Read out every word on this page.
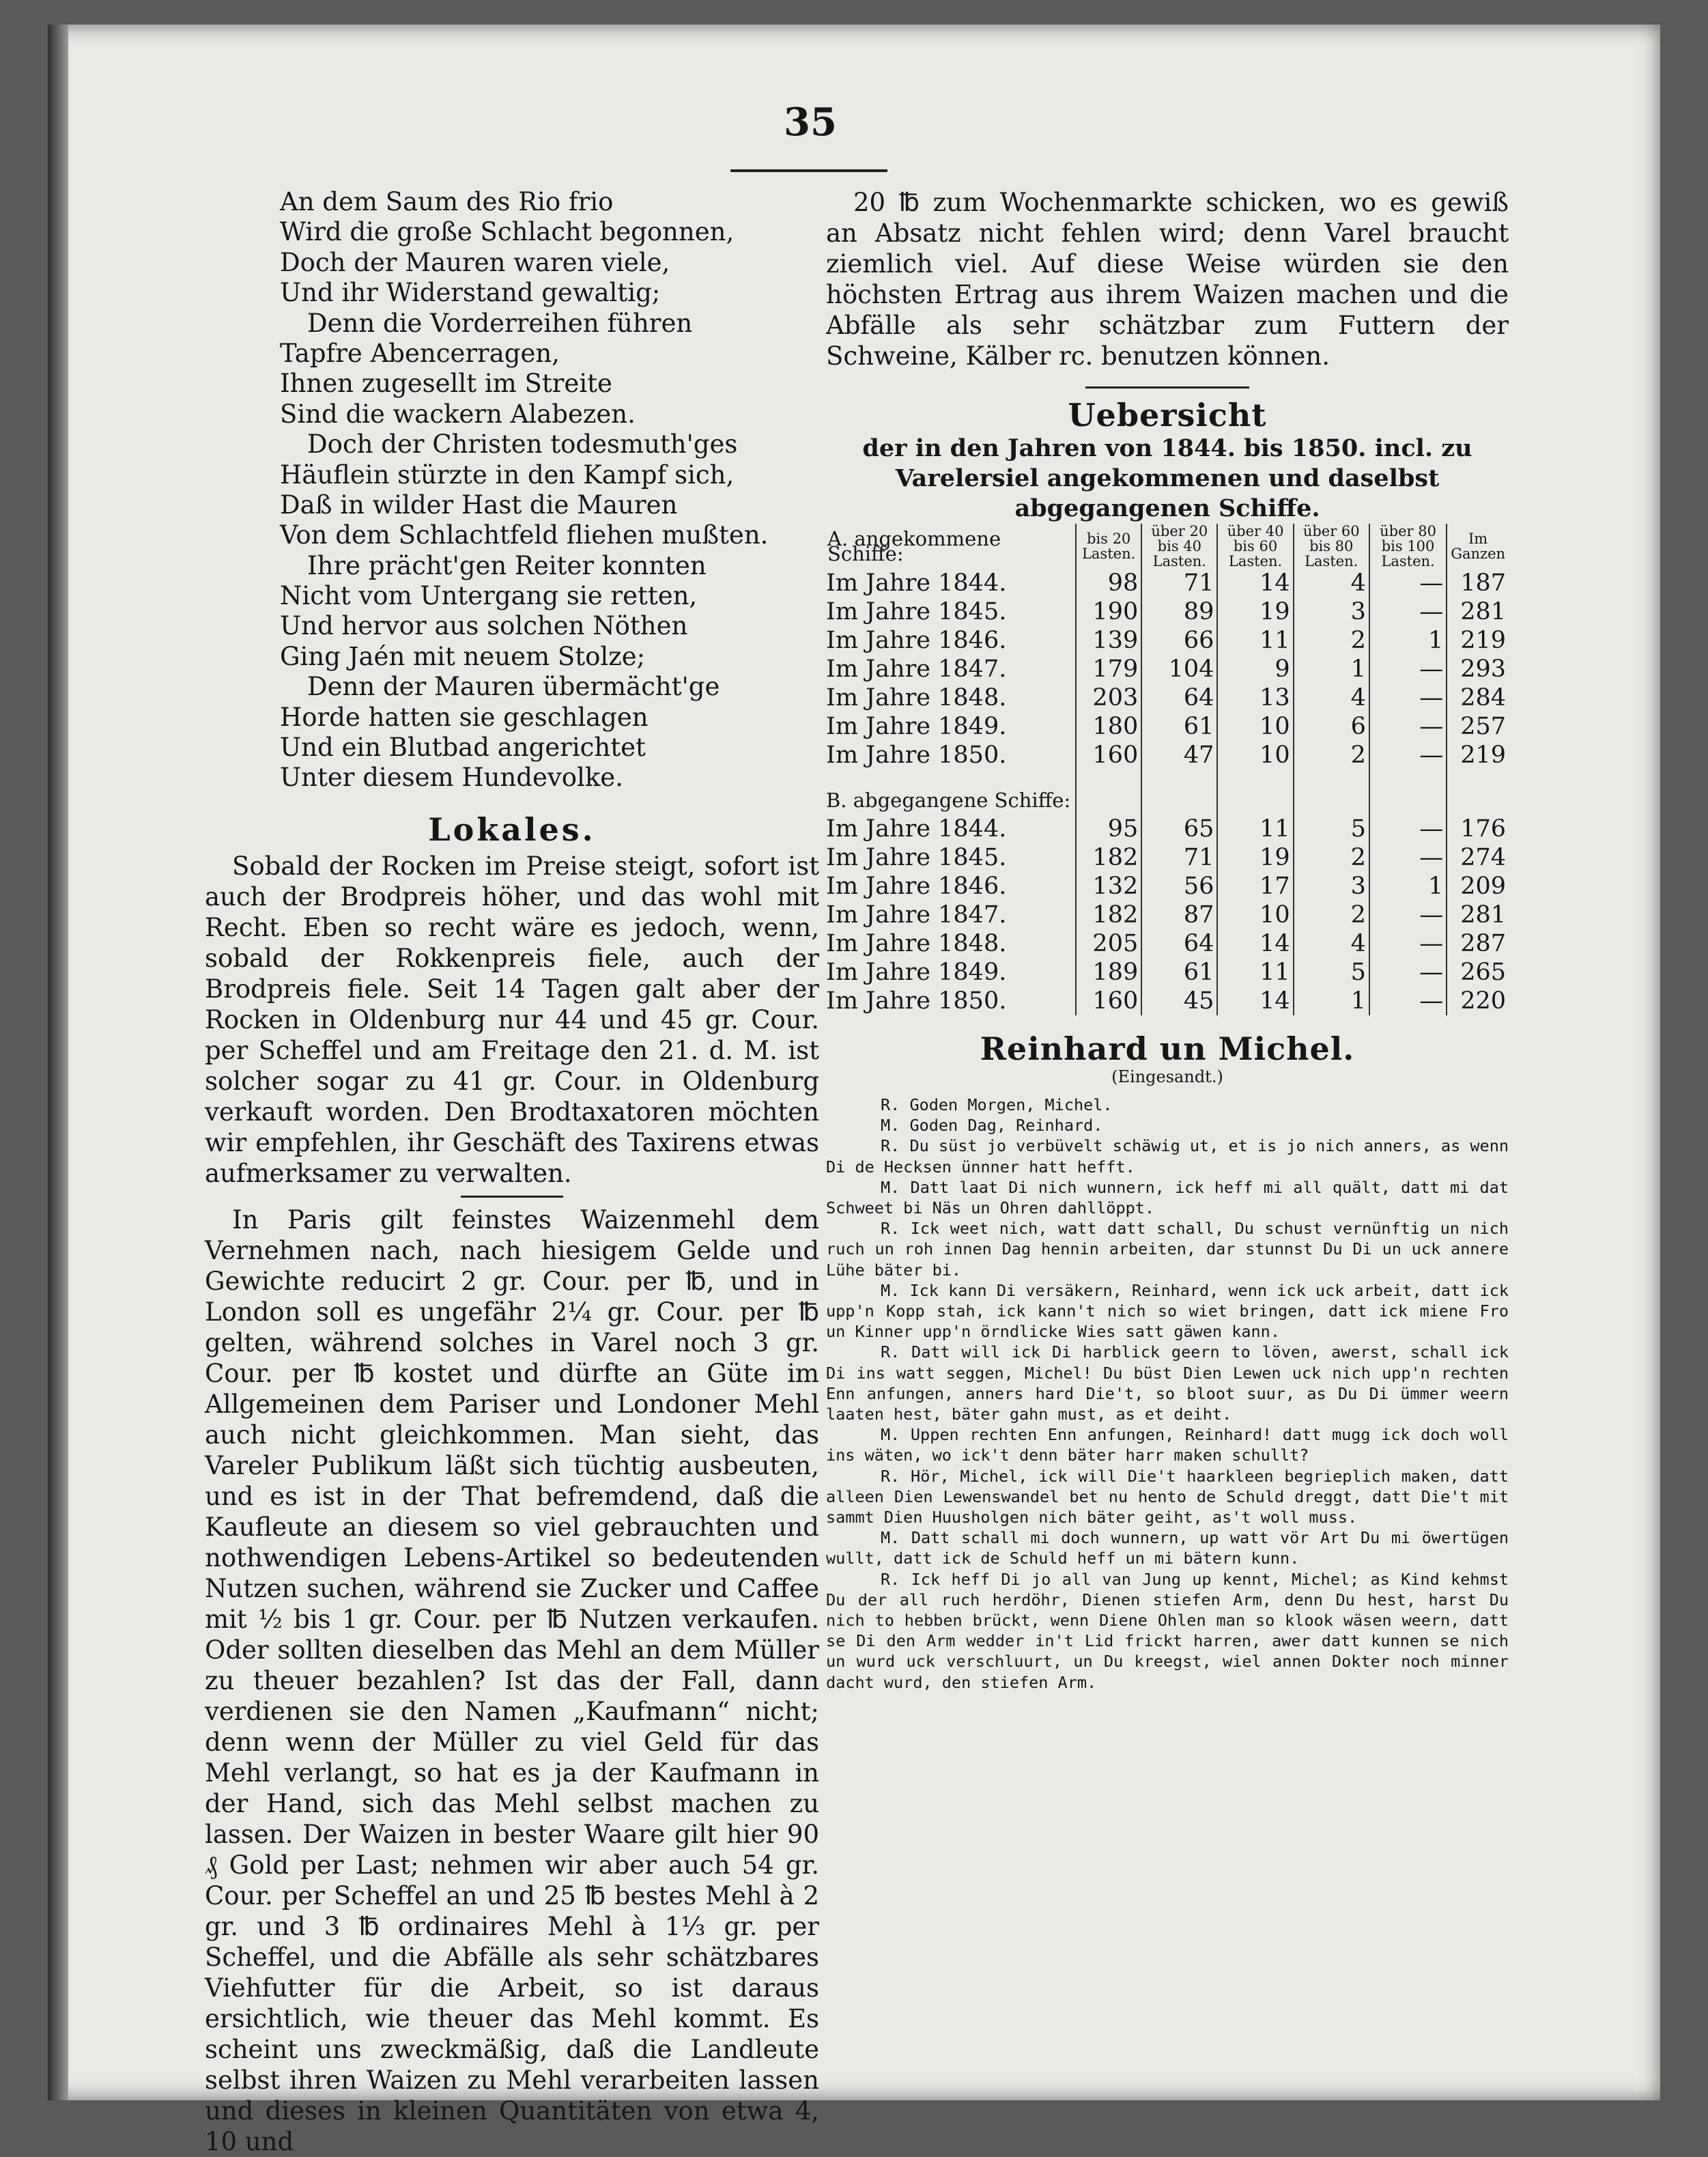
35
An dem Saum des Rio frio
Wird die große Schlacht begonnen,
Doch der Mauren waren viele,
Und ihr Widerstand gewaltig;
Denn die Vorderreihen führen
Tapfre Abencerragen,
Ihnen zugesellt im Streite
Sind die wackern Alabezen.
Doch der Christen todesmuth'ges
Häuflein stürzte in den Kampf sich,
Daß in wilder Hast die Mauren
Von dem Schlachtfeld fliehen mußten.
Ihre prächt'gen Reiter konnten
Nicht vom Untergang sie retten,
Und hervor aus solchen Nöthen
Ging Jaén mit neuem Stolze;
Denn der Mauren übermächt'ge
Horde hatten sie geschlagen
Und ein Blutbad angerichtet
Unter diesem Hundevolke.
Lokales.

Sobald der Rocken im Preise steigt, sofort ist auch der Brodpreis höher, und das wohl mit Recht. Eben so recht wäre es jedoch, wenn, sobald der Rokkenpreis fiele, auch der Brodpreis fiele. Seit 14 Tagen galt aber der Rocken in Oldenburg nur 44 und 45 gr. Cour. per Scheffel und am Freitage den 21. d. M. ist solcher sogar zu 41 gr. Cour. in Oldenburg verkauft worden. Den Brodtaxatoren möchten wir empfehlen, ihr Geschäft des Taxirens etwas aufmerksamer zu verwalten.

In Paris gilt feinstes Waizenmehl dem Vernehmen nach, nach hiesigem Gelde und Gewichte reducirt 2 gr. Cour. per ℔, und in London soll es ungefähr 2¼ gr. Cour. per ℔ gelten, während solches in Varel noch 3 gr. Cour. per ℔ kostet und dürfte an Güte im Allgemeinen dem Pariser und Londoner Mehl auch nicht gleichkommen. Man sieht, das Vareler Publikum läßt sich tüchtig ausbeuten, und es ist in der That befremdend, daß die Kaufleute an diesem so viel gebrauchten und nothwendigen Lebens-Artikel so bedeutenden Nutzen suchen, während sie Zucker und Caffee mit ½ bis 1 gr. Cour. per ℔ Nutzen verkaufen. Oder sollten dieselben das Mehl an dem Müller zu theuer bezahlen? Ist das der Fall, dann verdienen sie den Namen „Kaufmann“ nicht; denn wenn der Müller zu viel Geld für das Mehl verlangt, so hat es ja der Kaufmann in der Hand, sich das Mehl selbst machen zu lassen. Der Waizen in bester Waare gilt hier 90 ₰ Gold per Last; nehmen wir aber auch 54 gr. Cour. per Scheffel an und 25 ℔ bestes Mehl à 2 gr. und 3 ℔ ordinaires Mehl à 1⅓ gr. per Scheffel, und die Abfälle als sehr schätzbares Viehfutter für die Arbeit, so ist daraus ersichtlich, wie theuer das Mehl kommt. Es scheint uns zweckmäßig, daß die Landleute selbst ihren Waizen zu Mehl verarbeiten lassen und dieses in kleinen Quantitäten von etwa 4, 10 und

20 ℔ zum Wochenmarkte schicken, wo es gewiß an Absatz nicht fehlen wird; denn Varel braucht ziemlich viel. Auf diese Weise würden sie den höchsten Ertrag aus ihrem Waizen machen und die Abfälle als sehr schätzbar zum Futtern der Schweine, Kälber rc. benutzen können.

Uebersicht
der in den Jahren von 1844. bis 1850. incl. zu Varelersiel angekommenen und daselbst abgegangenen Schiffe.
A. angekommene Schiffe:	bis 20 Lasten.	über 20 bis 40 Lasten.	über 40 bis 60 Lasten.	über 60 bis 80 Lasten.	über 80 bis 100 Lasten.	Im Ganzen
Im Jahre 1844.	98	71	14	4	—	187
Im Jahre 1845.	190	89	19	3	—	281
Im Jahre 1846.	139	66	11	2	1	219
Im Jahre 1847.	179	104	9	1	—	293
Im Jahre 1848.	203	64	13	4	—	284
Im Jahre 1849.	180	61	10	6	—	257
Im Jahre 1850.	160	47	10	2	—	219
B. abgegangene Schiffe:						
Im Jahre 1844.	95	65	11	5	—	176
Im Jahre 1845.	182	71	19	2	—	274
Im Jahre 1846.	132	56	17	3	1	209
Im Jahre 1847.	182	87	10	2	—	281
Im Jahre 1848.	205	64	14	4	—	287
Im Jahre 1849.	189	61	11	5	—	265
Im Jahre 1850.	160	45	14	1	—	220
Reinhard un Michel.
(Eingesandt.)

R. Goden Morgen, Michel.

M. Goden Dag, Reinhard.

R. Du süst jo verbüvelt schäwig ut, et is jo nich anners, as wenn Di de Hecksen ünnner hatt hefft.

M. Datt laat Di nich wunnern, ick heff mi all quält, datt mi dat Schweet bi Näs un Ohren dahllöppt.

R. Ick weet nich, watt datt schall, Du schust vernünftig un nich ruch un roh innen Dag hennin arbeiten, dar stunnst Du Di un uck annere Lühe bäter bi.

M. Ick kann Di versäkern, Reinhard, wenn ick uck arbeit, datt ick upp'n Kopp stah, ick kann't nich so wiet bringen, datt ick miene Fro un Kinner upp'n örndlicke Wies satt gäwen kann.

R. Datt will ick Di harblick geern to löven, awerst, schall ick Di ins watt seggen, Michel! Du büst Dien Lewen uck nich upp'n rechten Enn anfungen, anners hard Die't, so bloot suur, as Du Di ümmer weern laaten hest, bäter gahn must, as et deiht.

M. Uppen rechten Enn anfungen, Reinhard! datt mugg ick doch woll ins wäten, wo ick't denn bäter harr maken schullt?

R. Hör, Michel, ick will Die't haarkleen begrieplich maken, datt alleen Dien Lewenswandel bet nu hento de Schuld dreggt, datt Die't mit sammt Dien Huusholgen nich bäter geiht, as't woll muss.

M. Datt schall mi doch wunnern, up watt vör Art Du mi öwertügen wullt, datt ick de Schuld heff un mi bätern kunn.

R. Ick heff Di jo all van Jung up kennt, Michel; as Kind kehmst Du der all ruch herdöhr, Dienen stiefen Arm, denn Du hest, harst Du nich to hebben brückt, wenn Diene Ohlen man so klook wäsen weern, datt se Di den Arm wedder in't Lid frickt harren, awer datt kunnen se nich un wurd uck verschluurt, un Du kreegst, wiel annen Dokter noch minner dacht wurd, den stiefen Arm.
